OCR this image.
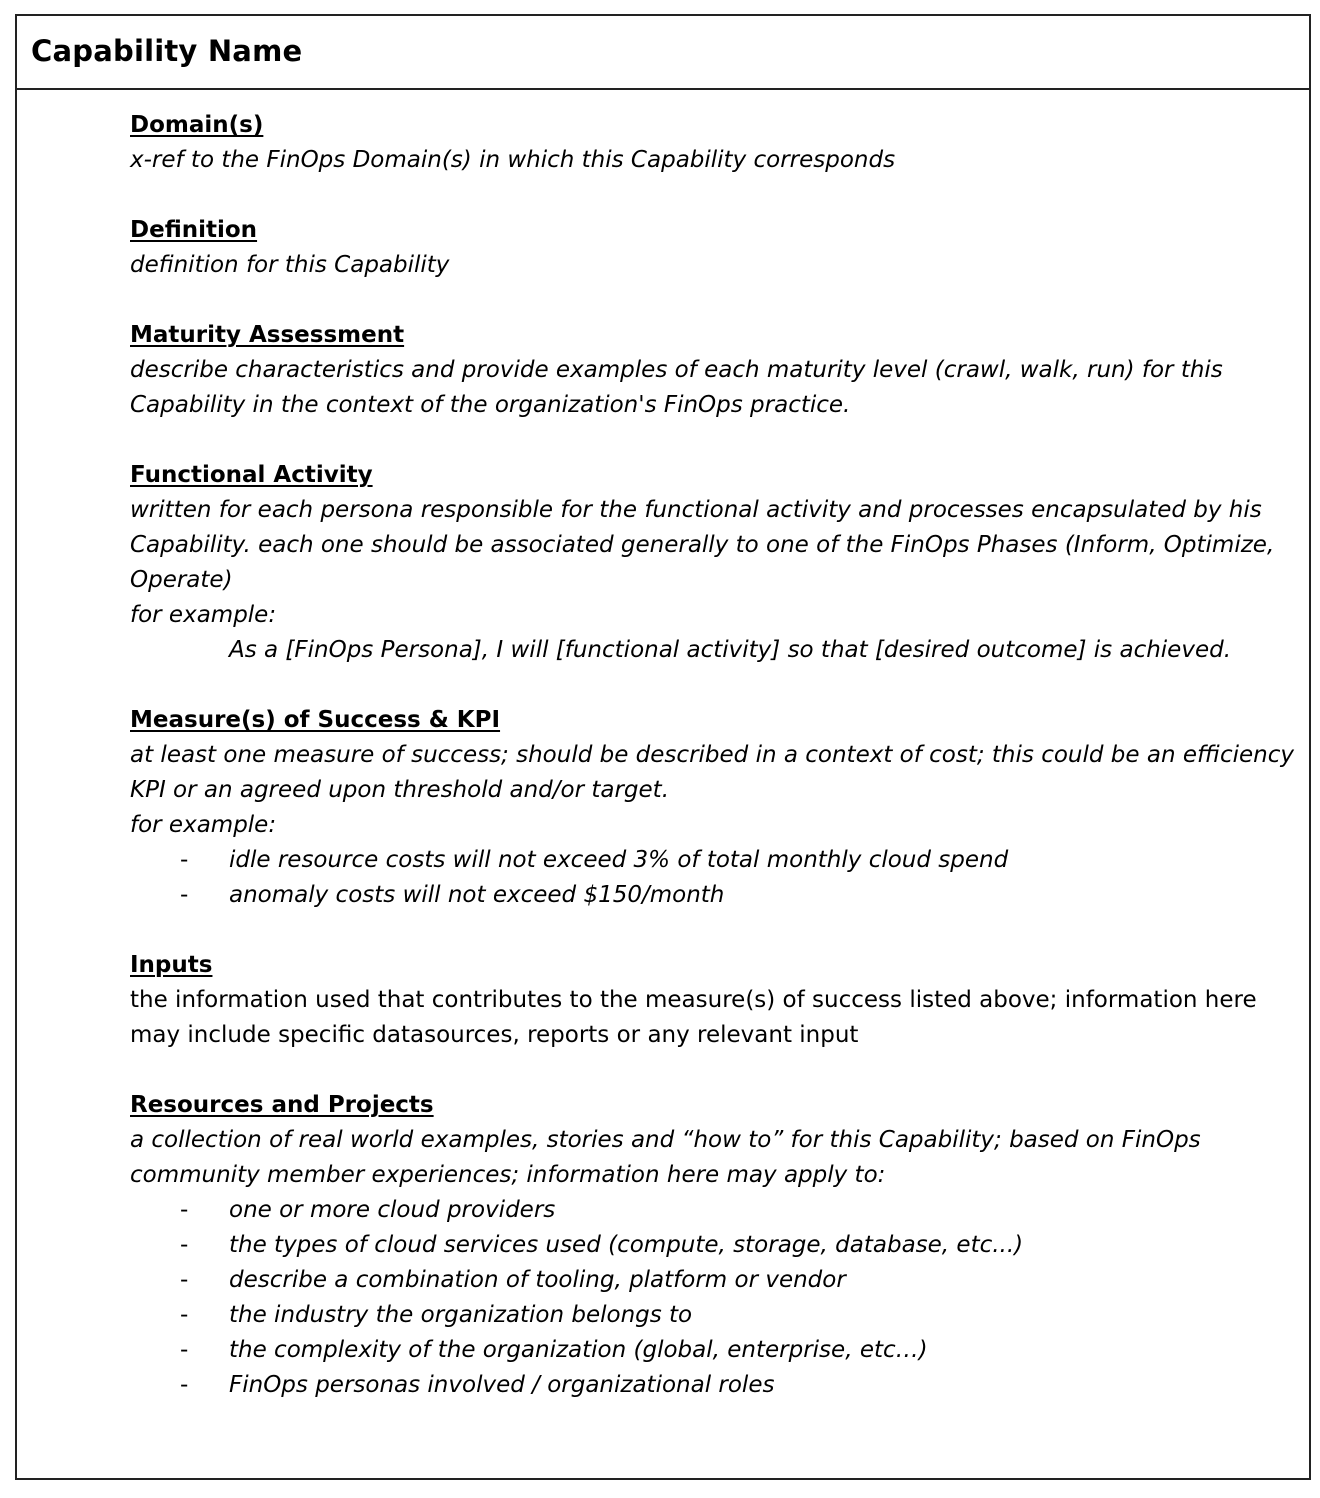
Capability Name

Domain(s)

x-ref to the FinOps Domain(s) in which this Capability corresponds

Definition

definition for this Capability

Maturity Assessment

describe characteristics and provide examples of each maturity level (crawl, walk, run) for this Capability in the context of the organization's FinOps practice.

Functional Activity

written for each persona responsible for the functional activity and processes encapsulated by his Capability. each one should be associated generally to one of the FinOps Phases (Inform, Optimize, Operate)

for example:

As a [FinOps Persona], I will [functional activity] so that [desired outcome] is achieved.

Measure(s) of Success & KPI

at least one measure of success; should be described in a context of cost; this could be an efficiency KPI or an agreed upon threshold and/or target.

for example:

- idle resource costs will not exceed 3% of total monthly cloud spend
- anomaly costs will not exceed $150/month

Inputs

the information used that contributes to the measure(s) of success listed above; information here may include specific datasources, reports or any relevant input

Resources and Projects

a collection of real world examples, stories and “how to” for this Capability; based on FinOps community member experiences; information here may apply to:

- one or more cloud providers
- the types of cloud services used (compute, storage, database, etc...)
- describe a combination of tooling, platform or vendor
- the industry the organization belongs to
- the complexity of the organization (global, enterprise, etc…)
- FinOps personas involved / organizational roles
